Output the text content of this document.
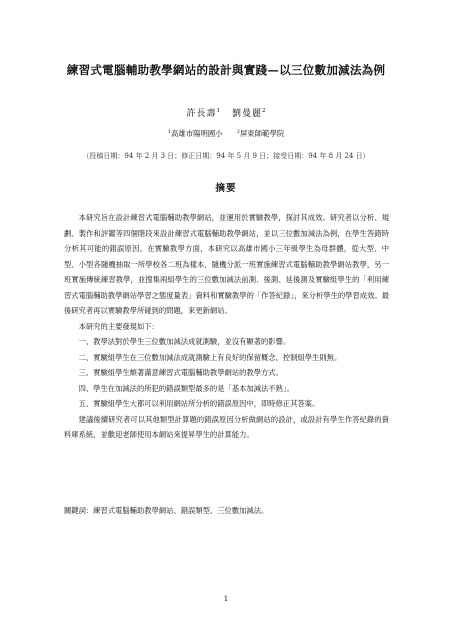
練習式電腦輔助教學網站的設計與實踐—以三位數加減法為例
許長壽$^1$ 劉曼麗$^2$
$^1$高雄市陽明國小	$^2$屏東師範學院
（投稿日期：94 年 2 月 3 日；修正日期：94 年 5 月 9 日；接受日期：94 年 8 月 24 日）
摘要

本研究旨在設計練習式電腦輔助教學網站，並運用於實驗教學，探討其成效。研究者以分析、規劃、製作和評鑑等四個階段來設計練習式電腦輔助教學網站，並以三位數加減法為例，在學生答錯時分析其可能的錯誤原因。在實驗教學方面，本研究以高雄市國小三年級學生為母群體，從大型、中型、小型各隨機抽取一所學校各二班為樣本，隨機分派一班實施練習式電腦輔助教學網站教學，另一班實施傳統練習教學，並搜集兩組學生的三位數加減法前測、後測、延後測及實驗組學生的「利用練習式電腦輔助教學網站學習之態度量表」資料和實驗教學的「作答紀錄」，來分析學生的學習成效。最後研究者再以實驗教學所碰到的問題，來更新網站。

本研究的主要發現如下：

一、教學法對於學生三位數加減法成就測驗，並沒有顯著的影響。

二、實驗組學生在三位數加減法成就測驗上有良好的保留概念，控制組學生則無。

三、實驗組學生頗著滿意練習式電腦輔助教學網站的教學方式。

四、學生在加減法的所犯的錯誤類型最多的是「基本加減法不熟」。

五、實驗組學生大都可以利用網站所分析的錯誤原因中，即時修正其答案。

建議後續研究者可以其他類型計算題的錯誤原因分析做網站的設計，或設計有學生作答紀錄的資料庫系統，並歡迎老師使用本網站來提昇學生的計算能力。

關鍵詞：練習式電腦輔助教學網站、錯誤類型、三位數加減法。
1
